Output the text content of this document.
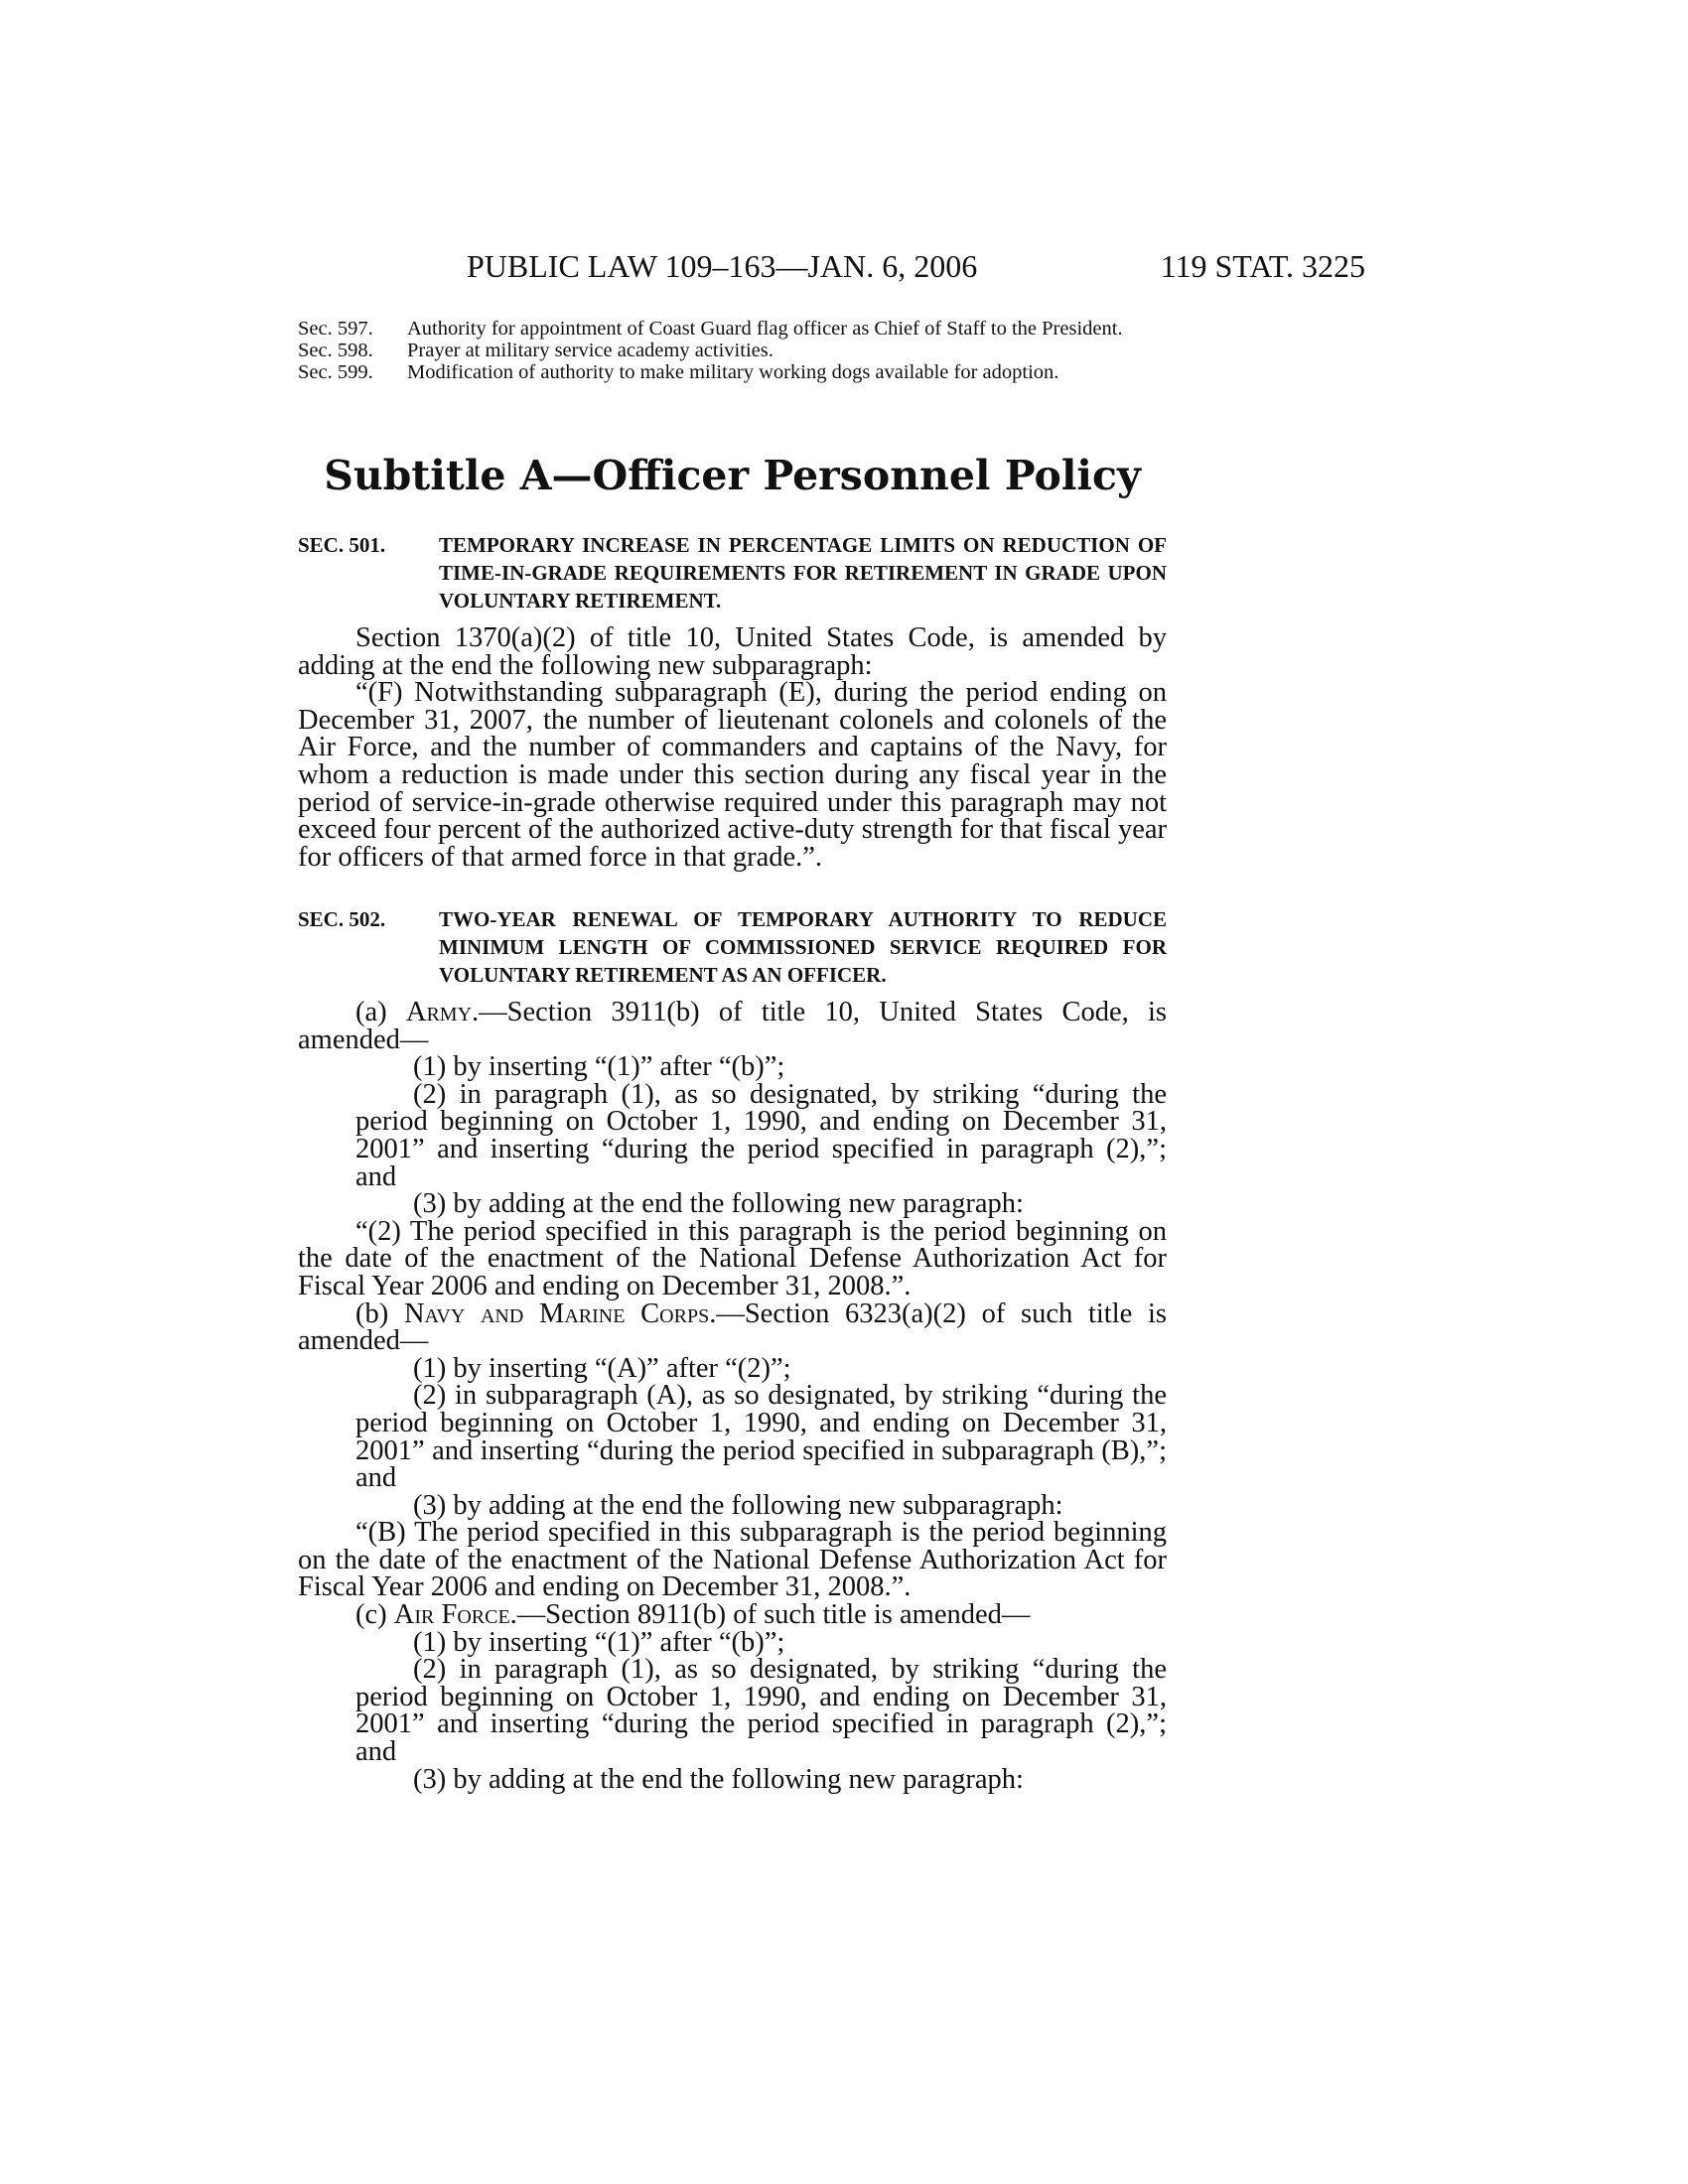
PUBLIC LAW 109–163—JAN. 6, 2006	119 STAT. 3225
Sec. 597.	Authority for appointment of Coast Guard flag officer as Chief of Staff to the President.
Sec. 598.	Prayer at military service academy activities.
Sec. 599.	Modification of authority to make military working dogs available for adoption.
Subtitle A—Officer Personnel Policy
SEC. 501.	TEMPORARY INCREASE IN PERCENTAGE LIMITS ON REDUCTION OF TIME-IN-GRADE REQUIREMENTS FOR RETIREMENT IN GRADE UPON VOLUNTARY RETIREMENT.

Section 1370(a)(2) of title 10, United States Code, is amended by adding at the end the following new subparagraph:

“(F) Notwithstanding subparagraph (E), during the period ending on December 31, 2007, the number of lieutenant colonels and colonels of the Air Force, and the number of commanders and captains of the Navy, for whom a reduction is made under this section during any fiscal year in the period of service-in-grade otherwise required under this paragraph may not exceed four percent of the authorized active-duty strength for that fiscal year for officers of that armed force in that grade.”.

SEC. 502.	TWO-YEAR RENEWAL OF TEMPORARY AUTHORITY TO REDUCE MINIMUM LENGTH OF COMMISSIONED SERVICE REQUIRED FOR VOLUNTARY RETIREMENT AS AN OFFICER.

(a) Army.—Section 3911(b) of title 10, United States Code, is amended—

(1) by inserting “(1)” after “(b)”;

(2) in paragraph (1), as so designated, by striking “during the period beginning on October 1, 1990, and ending on December 31, 2001” and inserting “during the period specified in paragraph (2),”; and

(3) by adding at the end the following new paragraph:

“(2) The period specified in this paragraph is the period beginning on the date of the enactment of the National Defense Authorization Act for Fiscal Year 2006 and ending on December 31, 2008.”.

(b) Navy and Marine Corps.—Section 6323(a)(2) of such title is amended—

(1) by inserting “(A)” after “(2)”;

(2) in subparagraph (A), as so designated, by striking “during the period beginning on October 1, 1990, and ending on December 31, 2001” and inserting “during the period specified in subparagraph (B),”; and

(3) by adding at the end the following new subparagraph:

“(B) The period specified in this subparagraph is the period beginning on the date of the enactment of the National Defense Authorization Act for Fiscal Year 2006 and ending on December 31, 2008.”.

(c) Air Force.—Section 8911(b) of such title is amended—

(1) by inserting “(1)” after “(b)”;

(2) in paragraph (1), as so designated, by striking “during the period beginning on October 1, 1990, and ending on December 31, 2001” and inserting “during the period specified in paragraph (2),”; and

(3) by adding at the end the following new paragraph:
